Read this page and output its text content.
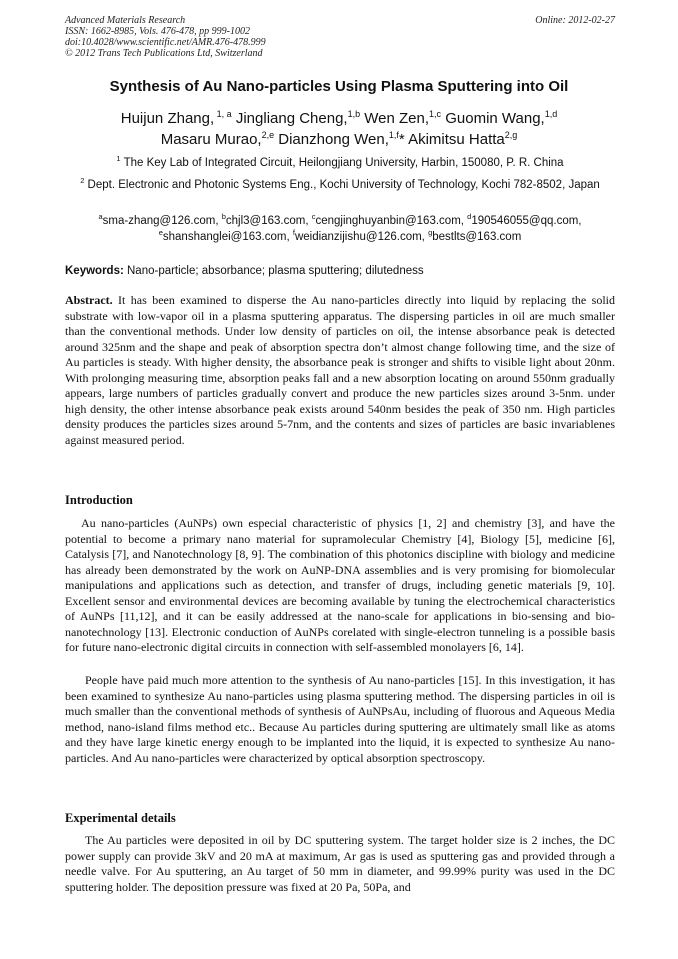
Advanced Materials Research
ISSN: 1662-8985, Vols. 476-478, pp 999-1002
doi:10.4028/www.scientific.net/AMR.476-478.999
© 2012 Trans Tech Publications Ltd, Switzerland
Online: 2012-02-27
Synthesis of Au Nano-particles Using Plasma Sputtering into Oil
Huijun Zhang, $^{1, a}$ Jingliang Cheng,$^{1,b}$ Wen Zen,$^{1,c}$ Guomin Wang,$^{1,d}$
Masaru Murao,$^{2,e}$ Dianzhong Wen,$^{1,f}$* Akimitsu Hatta$^{2,g}$
$^1$ The Key Lab of Integrated Circuit, Heilongjiang University, Harbin, 150080, P. R. China
$^2$ Dept. Electronic and Photonic Systems Eng., Kochi University of Technology, Kochi 782-8502, Japan
$^a$sma-zhang@126.com, $^b$chjl3@163.com, $^c$cengjinghuyanbin@163.com, $^d$190546055@qq.com,
$^e$shanshanglei@163.com, $^f$weidianzijishu@126.com, $^g$bestlts@163.com
Keywords: Nano-particle; absorbance; plasma sputtering; dilutedness
Abstract. It has been examined to disperse the Au nano-particles directly into liquid by replacing the solid substrate with low-vapor oil in a plasma sputtering apparatus. The dispersing particles in oil are much smaller than the conventional methods. Under low density of particles on oil, the intense absorbance peak is detected around 325nm and the shape and peak of absorption spectra don’t almost change following time, and the size of Au particles is steady. With higher density, the absorbance peak is stronger and shifts to visible light about 20nm. With prolonging measuring time, absorption peaks fall and a new absorption locating on around 550nm gradually appears, large numbers of particles gradually convert and produce the new particles sizes around 3-5nm. under high density, the other intense absorbance peak exists around 540nm besides the peak of 350 nm. High particles density produces the particles sizes around 5-7nm, and the contents and sizes of particles are basic invariablenes against measured period.
Introduction
Au nano-particles (AuNPs) own especial characteristic of physics [1, 2] and chemistry [3], and have the potential to become a primary nano material for supramolecular Chemistry [4], Biology [5], medicine [6], Catalysis [7], and Nanotechnology [8, 9]. The combination of this photonics discipline with biology and medicine has already been demonstrated by the work on AuNP-DNA assemblies and is very promising for biomolecular manipulations and applications such as detection, and transfer of drugs, including genetic materials [9, 10]. Excellent sensor and environmental devices are becoming available by tuning the electrochemical characteristics of AuNPs [11,12], and it can be easily addressed at the nano-scale for applications in bio-sensing and bio-nanotechnology [13]. Electronic conduction of AuNPs corelated with single-electron tunneling is a possible basis for future nano-electronic digital circuits in connection with self-assembled monolayers [6, 14].
People have paid much more attention to the synthesis of Au nano-particles [15]. In this investigation, it has been examined to synthesize Au nano-particles using plasma sputtering method. The dispersing particles in oil is much smaller than the conventional methods of synthesis of AuNPsAu, including of fluorous and Aqueous Media method, nano-island films method etc.. Because Au particles during sputtering are ultimately small like as atoms and they have large kinetic energy enough to be implanted into the liquid, it is expected to synthesize Au nano-particles. And Au nano-particles were characterized by optical absorption spectroscopy.
Experimental details
The Au particles were deposited in oil by DC sputtering system. The target holder size is 2 inches, the DC power supply can provide 3kV and 20 mA at maximum, Ar gas is used as sputtering gas and provided through a needle valve. For Au sputtering, an Au target of 50 mm in diameter, and 99.99% purity was used in the DC sputtering holder. The deposition pressure was fixed at 20 Pa, 50Pa, and
